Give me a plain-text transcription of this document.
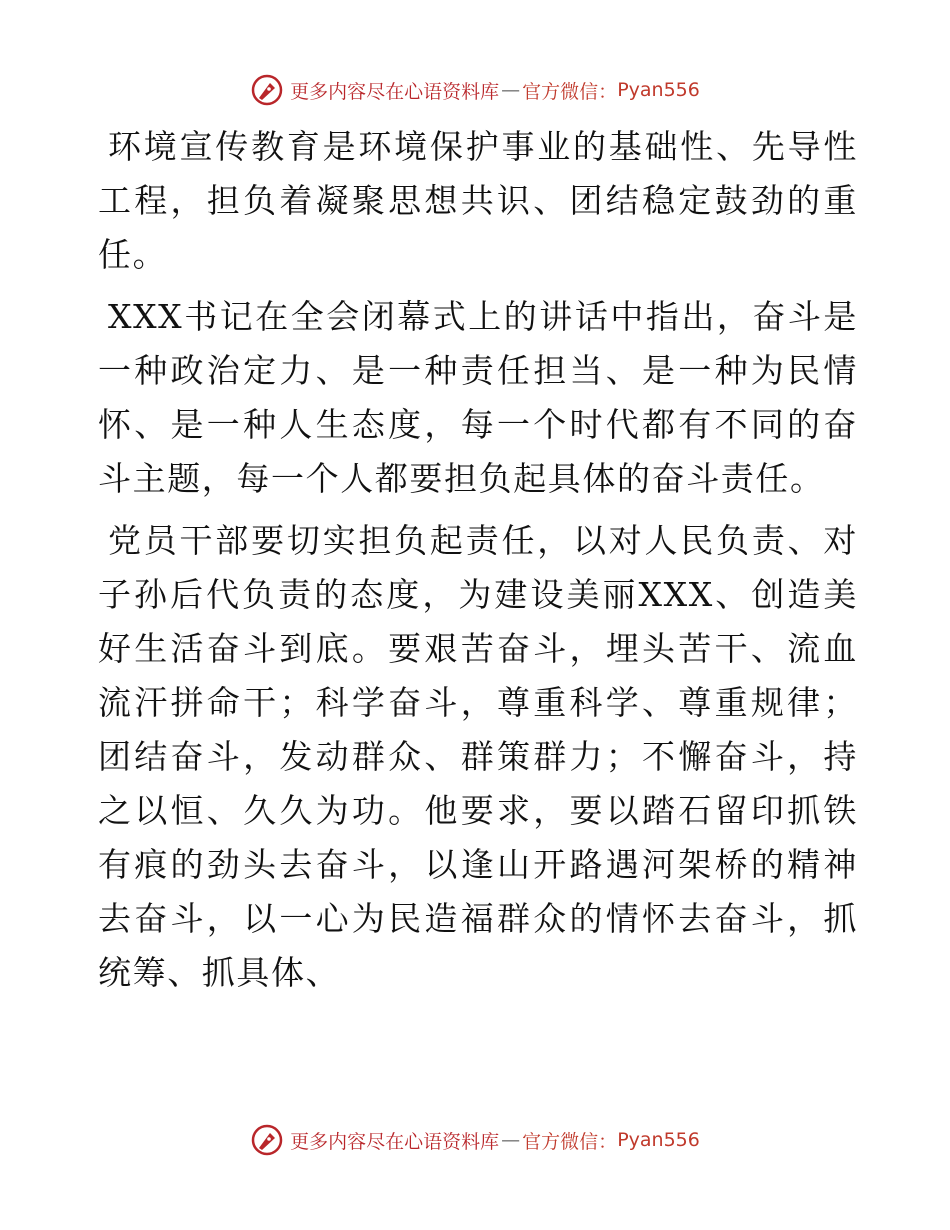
更多内容尽在心语资料库 — 官方微信： Pyan556

环境宣传教育是环境保护事业的基础性、先导性工程，担负着凝聚思想共识、团结稳定鼓劲的重任。

XXX书记在全会闭幕式上的讲话中指出，奋斗是一种政治定力、是一种责任担当、是一种为民情怀、是一种人生态度，每一个时代都有不同的奋斗主题，每一个人都要担负起具体的奋斗责任。

党员干部要切实担负起责任，以对人民负责、对子孙后代负责的态度，为建设美丽XXX、创造美好生活奋斗到底。要艰苦奋斗，埋头苦干、流血流汗拼命干；科学奋斗，尊重科学、尊重规律；团结奋斗，发动群众、群策群力；不懈奋斗，持之以恒、久久为功。他要求，要以踏石留印抓铁有痕的劲头去奋斗，以逢山开路遇河架桥的精神去奋斗，以一心为民造福群众的情怀去奋斗，抓统筹、抓具体、

更多内容尽在心语资料库 — 官方微信： Pyan556
